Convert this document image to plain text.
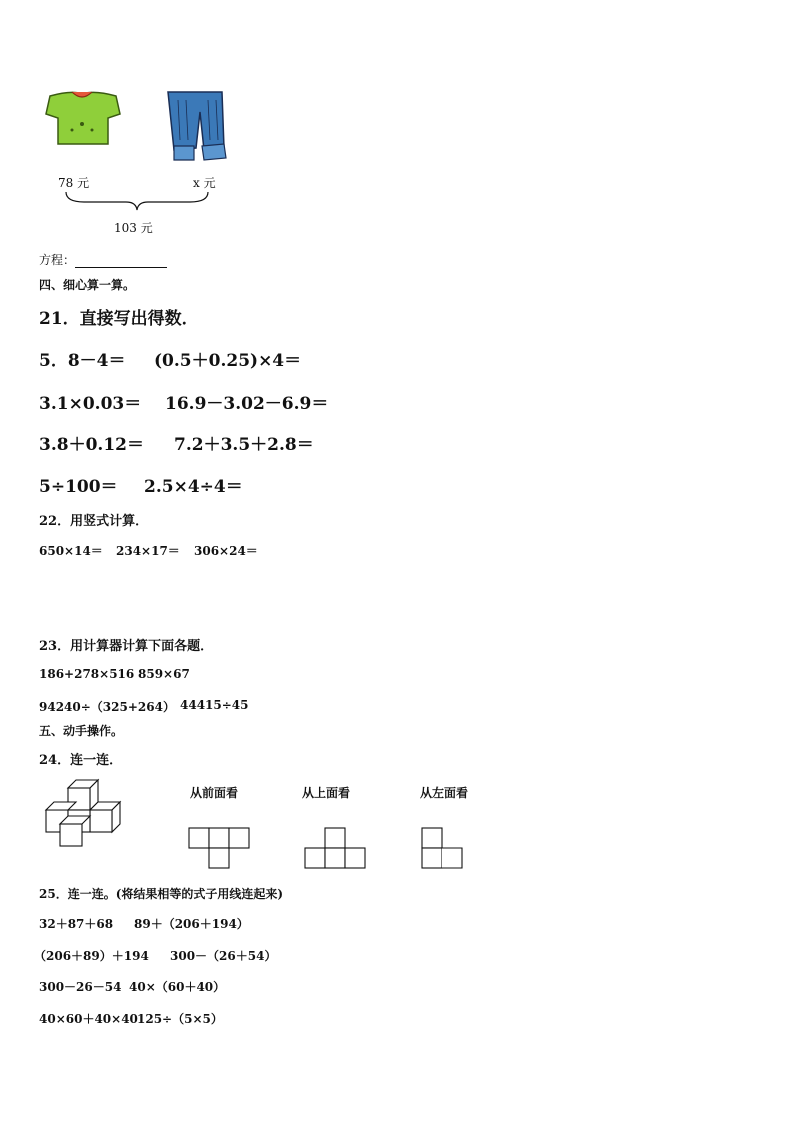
78 元	x 元
103 元
方程：
四、细心算一算。
21．直接写出得数．
5．8－4＝ (0.5＋0.25)×4＝
3.1×0.03＝ 16.9－3.02－6.9＝
3.8＋0.12＝ 7.2＋3.5＋2.8＝
5÷100＝ 2.5×4÷4＝
22．用竖式计算．
650×14＝ 234×17＝ 306×24＝
23．用计算器计算下面各题．
186+278×516 859×67
94240÷（325+264） 44415÷45
五、动手操作。
24．连一连．
从前面看	从上面看	从左面看
25．连一连。(将结果相等的式子用线连起来)
32＋87＋68 89＋（206＋194）
（206＋89）＋194 300－（26＋54）
300－26－54 40×（60＋40）
40×60＋40×40 125÷（5×5）
